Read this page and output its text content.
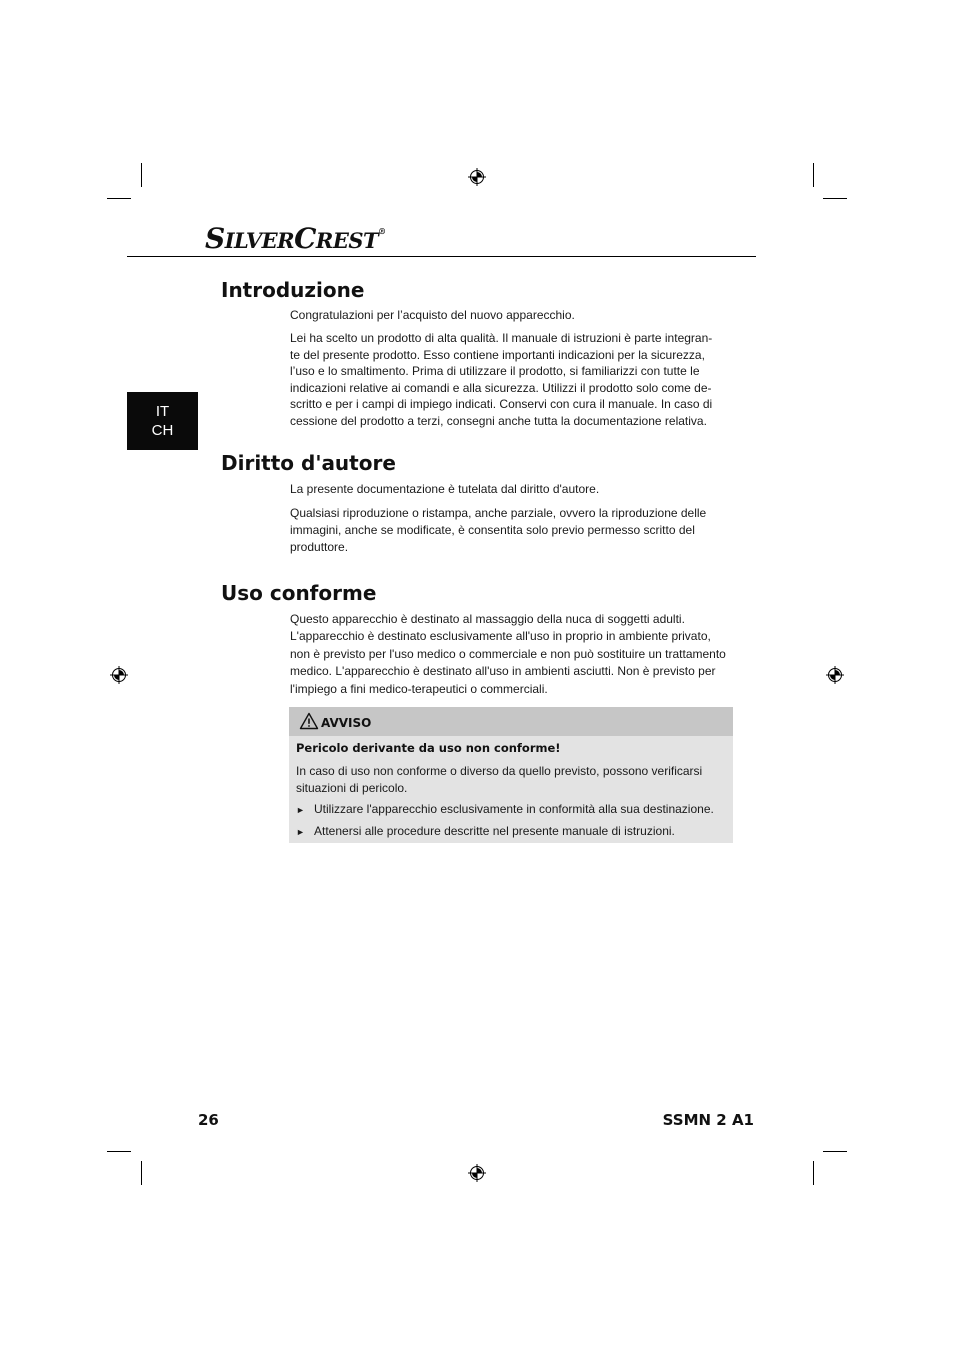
SILVERCREST®
IT
CH
Introduzione

Congratulazioni per l’acquisto del nuovo apparecchio.

Lei ha scelto un prodotto di alta qualità. Il manuale di istruzioni è parte integran-
te del presente prodotto. Esso contiene importanti indicazioni per la sicurezza,
l’uso e lo smaltimento. Prima di utilizzare il prodotto, si familiarizzi con tutte le
indicazioni relative ai comandi e alla sicurezza. Utilizzi il prodotto solo come de-
scritto e per i campi di impiego indicati. Conservi con cura il manuale. In caso di
cessione del prodotto a terzi, consegni anche tutta la documentazione relativa.
Diritto d'autore

La presente documentazione è tutelata dal diritto d'autore.

Qualsiasi riproduzione o ristampa, anche parziale, ovvero la riproduzione delle
immagini, anche se modificate, è consentita solo previo permesso scritto del
produttore.
Uso conforme
Questo apparecchio è destinato al massaggio della nuca di soggetti adulti.
L'apparecchio è destinato esclusivamente all'uso in proprio in ambiente privato,
non è previsto per l'uso medico o commerciale e non può sostituire un trattamento
medico. L'apparecchio è destinato all'uso in ambienti asciutti. Non è previsto per
l'impiego a fini medico-terapeutici o commerciali.
AVVISO
Pericolo derivante da uso non conforme!
In caso di uso non conforme o diverso da quello previsto, possono verificarsi
situazioni di pericolo.
► Utilizzare l'apparecchio esclusivamente in conformità alla sua destinazione.
► Attenersi alle procedure descritte nel presente manuale di istruzioni.
26	SSMN 2 A1
